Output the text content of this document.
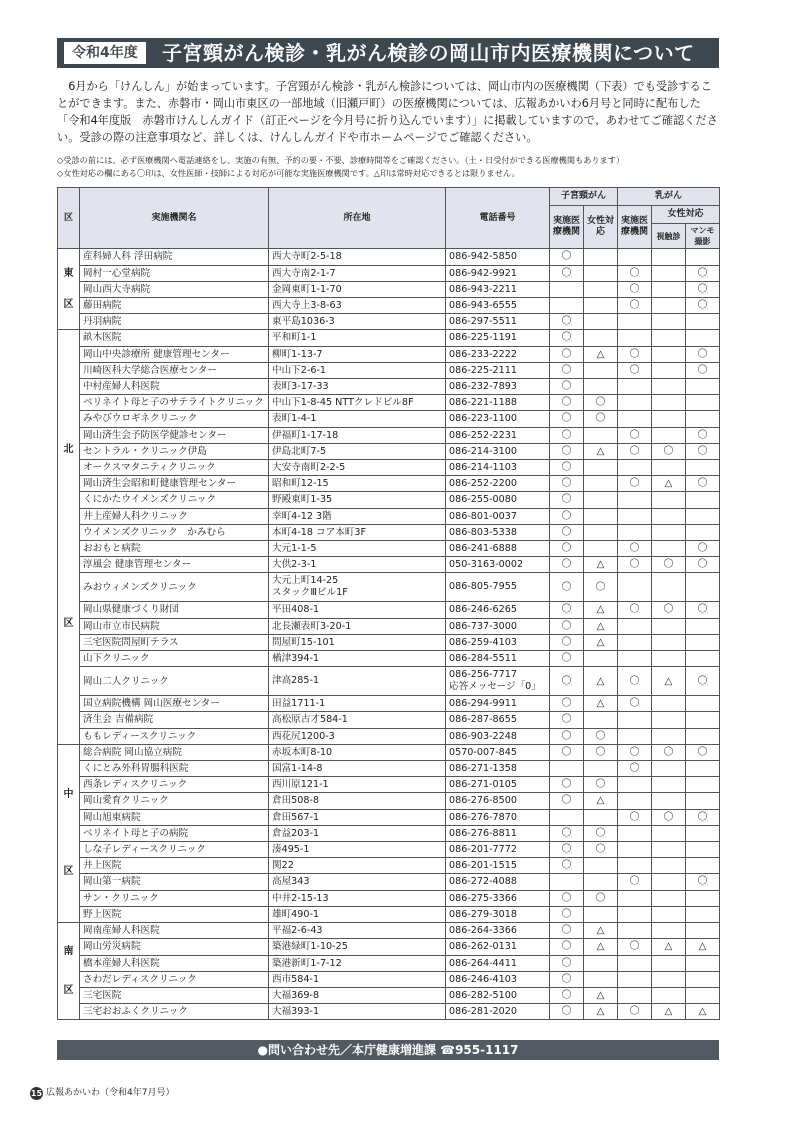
令和4年度	子宮頸がん検診・乳がん検診の岡山市内医療機関について

6月から「けんしん」が始まっています。子宮頸がん検診・乳がん検診については、岡山市内の医療機関（下表）でも受診することができます。また、赤磐市・岡山市東区の一部地域（旧瀬戸町）の医療機関については、広報あかいわ6月号と同時に配布した「令和4年度版　赤磐市けんしんガイド（訂正ページを今月号に折り込んでいます）」に掲載していますので、あわせてご確認ください。受診の際の注意事項など、詳しくは、けんしんガイドや市ホームページでご確認ください。

◇受診の前には、必ず医療機関へ電話連絡をし、実施の有無、予約の要・不要、診療時間等をご確認ください。（土・日受付ができる医療機関もあります）
◇女性対応の欄にある〇印は、女性医師・技師による対応が可能な実施医療機関です。△印は常時対応できるとは限りません。
区	実施機関名	所在地	電話番号	子宮頸がん		乳がん		
				実施医療機関	女性対応	実施医療機関	女性対応	
							視触診	マンモ撮影

東
区	産科婦人科 浮田病院	西大寺町2-5-18	086-942-5850	〇				
	岡村一心堂病院	西大寺南2-1-7	086-942-9921	〇		〇		〇
	岡山西大寺病院	金岡東町1-1-70	086-943-2211			〇		〇
	藤田病院	西大寺上3-8-63	086-943-6555			〇		〇
	丹羽病院	東平島1036-3	086-297-5511	〇				

北
区	畝木医院	平和町1-1	086-225-1191	〇				
	岡山中央診療所 健康管理センター	柳町1-13-7	086-233-2222	〇	△	〇		〇
	川崎医科大学総合医療センター	中山下2-6-1	086-225-2111	〇		〇		〇
	中村産婦人科医院	表町3-17-33	086-232-7893	〇				
	ベリネイト母と子のサテライトクリニック	中山下1-8-45 NTTクレドビル8F	086-221-1188	〇	〇			
	みやびウロギネクリニック	表町1-4-1	086-223-1100	〇	〇			
	岡山済生会予防医学健診センター	伊福町1-17-18	086-252-2231	〇		〇		〇
	セントラル・クリニック伊島	伊島北町7-5	086-214-3100	〇	△	〇	〇	〇
	オークスマタニティクリニック	大安寺南町2-2-5	086-214-1103	〇				
	岡山済生会昭和町健康管理センター	昭和町12-15	086-252-2200	〇		〇	△	〇
	くにかたウイメンズクリニック	野殿東町1-35	086-255-0080	〇				
	井上産婦人科クリニック	幸町4-12 3階	086-801-0037	〇				
	ウイメンズクリニック　かみむら	本町4-18 コア本町3F	086-803-5338	〇				
	おおもと病院	大元1-1-5	086-241-6888	〇		〇		〇
	淳風会 健康管理センター	大供2-3-1	050-3163-0002	〇	△	〇	〇	〇
	みおウィメンズクリニック	大元上町14-25
スタックⅢビル1F	086-805-7955	〇	〇			
	岡山県健康づくり財団	平田408-1	086-246-6265	〇	△	〇	〇	〇
	岡山市立市民病院	北長瀬表町3-20-1	086-737-3000	〇	△			
	三宅医院問屋町テラス	問屋町15-101	086-259-4103	〇	△			
	山下クリニック	楢津394-1	086-284-5511	〇				
	岡山二人クリニック	津高285-1	086-256-7717
応答メッセージ「0」	〇	△	〇	△	〇
	国立病院機構 岡山医療センター	田益1711-1	086-294-9911	〇	△	〇		
	済生会 吉備病院	高松原古才584-1	086-287-8655	〇				
	ももレディースクリニック	西花尻1200-3	086-903-2248	〇	〇			

中
区	総合病院 岡山協立病院	赤坂本町8-10	0570-007-845	〇	〇	〇	〇	〇
	くにとみ外科胃腸科医院	国富1-14-8	086-271-1358			〇		
	西条レディスクリニック	西川原121-1	086-271-0105	〇	〇			
	岡山愛育クリニック	倉田508-8	086-276-8500	〇	△			
	岡山旭東病院	倉田567-1	086-276-7870			〇	〇	〇
	ベリネイト母と子の病院	倉益203-1	086-276-8811	〇	〇			
	しな子レディースクリニック	湊495-1	086-201-7772	〇	〇			
	井上医院	関22	086-201-1515	〇				
	岡山第一病院	高屋343	086-272-4088			〇		〇
	サン・クリニック	中井2-15-13	086-275-3366	〇	〇			
	野上医院	雄町490-1	086-279-3018	〇				

南
区	岡南産婦人科医院	平福2-6-43	086-264-3366	〇	△			
	岡山労災病院	築港緑町1-10-25	086-262-0131	〇	△	〇	△	△
	橋本産婦人科医院	築港新町1-7-12	086-264-4411	〇				
	さわだレディスクリニック	西市584-1	086-246-4103	〇				
	三宅医院	大福369-8	086-282-5100	〇	△			
	三宅おおふくクリニック	大福393-1	086-281-2020	〇	△	〇	△	△
●問い合わせ先／本庁健康増進課 ☎955-1117
15 広報あかいわ（令和4年7月号）
